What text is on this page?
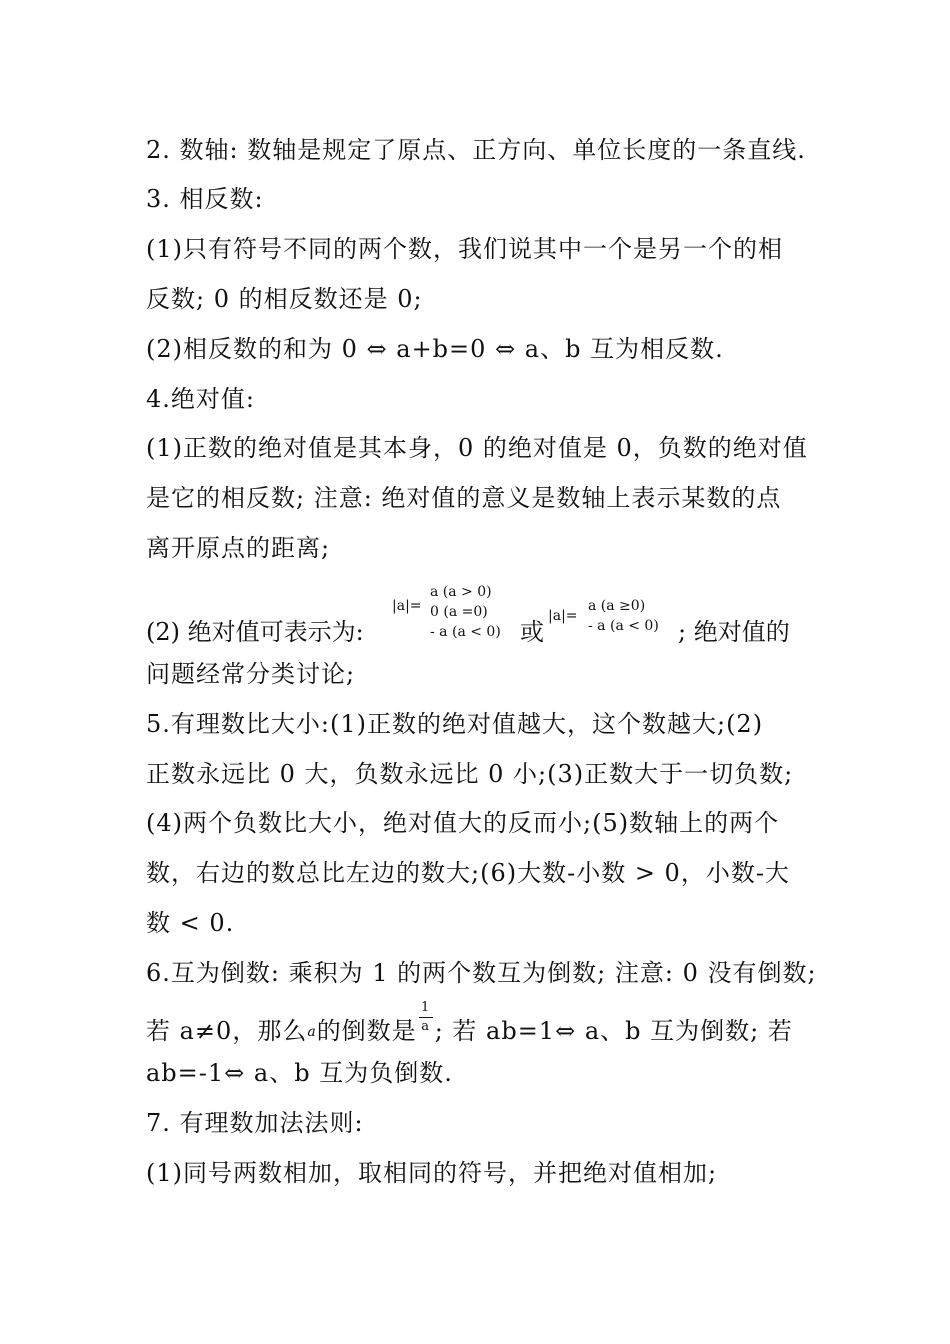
2. 数轴: 数轴是规定了原点、正方向、单位长度的一条直线.
3. 相反数:
(1)只有符号不同的两个数，我们说其中一个是另一个的相
反数; 0 的相反数还是 0;
(2)相反数的和为 0 ⇔ a+b=0 ⇔ a、b 互为相反数.
4.绝对值:
(1)正数的绝对值是其本身，0 的绝对值是 0，负数的绝对值
是它的相反数; 注意: 绝对值的意义是数轴上表示某数的点
离开原点的距离;
(2) 绝对值可表示为:
|a|=
a (a > 0)
0 (a =0)
- a (a < 0) 或
|a|=
a (a ≥0)
- a (a < 0) ; 绝对值的
问题经常分类讨论;
5.有理数比大小:(1)正数的绝对值越大，这个数越大;(2)
正数永远比 0 大，负数永远比 0 小;(3)正数大于一切负数;
(4)两个负数比大小，绝对值大的反而小;(5)数轴上的两个
数，右边的数总比左边的数大;(6)大数-小数 > 0，小数-大
数 < 0.
6.互为倒数: 乘积为 1 的两个数互为倒数; 注意: 0 没有倒数;
若 a≠0，那么a的倒数是
1
a ; 若 ab=1⇔ a、b 互为倒数; 若
ab=-1⇔ a、b 互为负倒数.
7. 有理数加法法则:
(1)同号两数相加，取相同的符号，并把绝对值相加;
